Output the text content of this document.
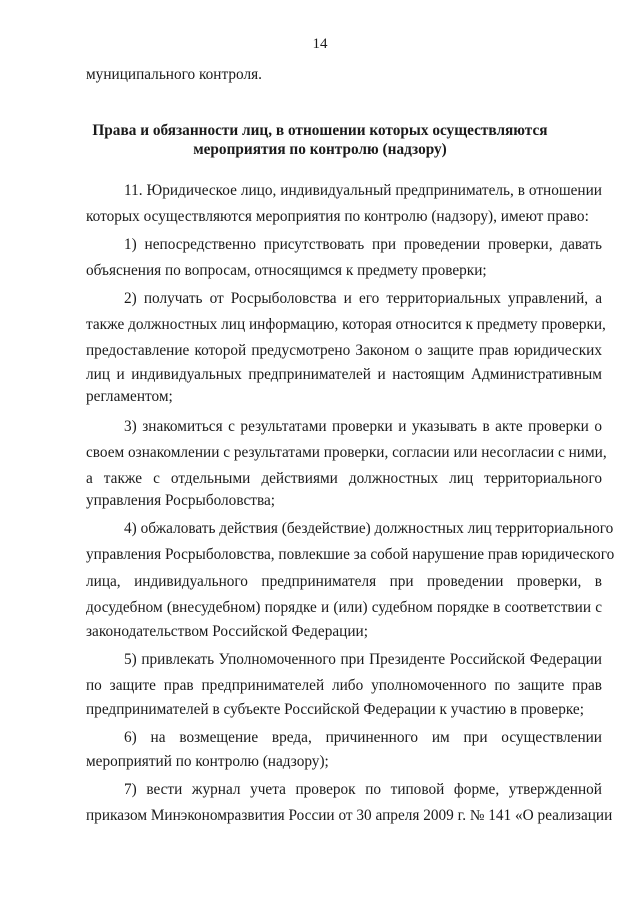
14
муниципального контроля.
Права и обязанности лиц, в отношении которых осуществляются
мероприятия по контролю (надзору)
11. Юридическое лицо, индивидуальный предприниматель, в отношении
которых осуществляются мероприятия по контролю (надзору), имеют право:
1) непосредственно присутствовать при проведении проверки, давать
объяснения по вопросам, относящимся к предмету проверки;
2) получать от Росрыболовства и его территориальных управлений, а
также должностных лиц информацию, которая относится к предмету проверки,
предоставление которой предусмотрено Законом о защите прав юридических
лиц и индивидуальных предпринимателей и настоящим Административным
регламентом;
3) знакомиться с результатами проверки и указывать в акте проверки о
своем ознакомлении с результатами проверки, согласии или несогласии с ними,
а также с отдельными действиями должностных лиц территориального
управления Росрыболовства;
4) обжаловать действия (бездействие) должностных лиц территориального
управления Росрыболовства, повлекшие за собой нарушение прав юридического
лица, индивидуального предпринимателя при проведении проверки, в
досудебном (внесудебном) порядке и (или) судебном порядке в соответствии с
законодательством Российской Федерации;
5) привлекать Уполномоченного при Президенте Российской Федерации
по защите прав предпринимателей либо уполномоченного по защите прав
предпринимателей в субъекте Российской Федерации к участию в проверке;
6) на возмещение вреда, причиненного им при осуществлении
мероприятий по контролю (надзору);
7) вести журнал учета проверок по типовой форме, утвержденной
приказом Минэкономразвития России от 30 апреля 2009 г. № 141 «О реализации
